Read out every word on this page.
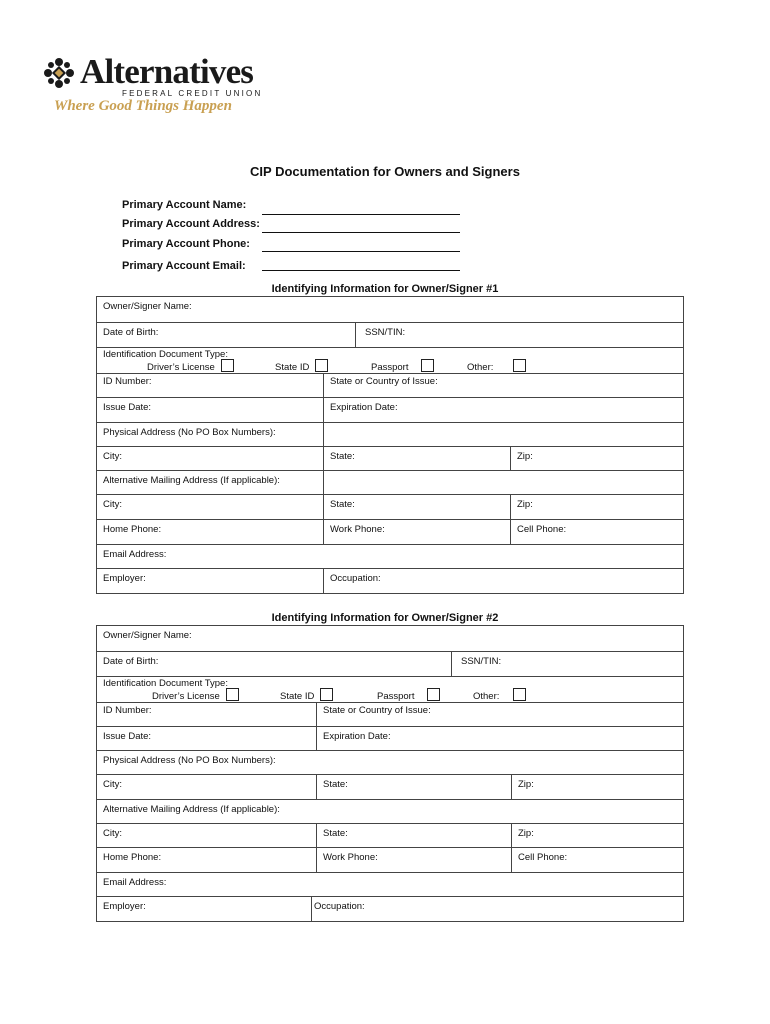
Alternatives
FEDERAL CREDIT UNION
Where Good Things Happen
CIP Documentation for Owners and Signers
Primary Account Name:
Primary Account Address:
Primary Account Phone:
Primary Account Email:
Identifying Information for Owner/Signer #1
Owner/Signer Name:
Date of Birth:	SSN/TIN:
Identification Document Type:
Driver’s License	State ID	Passport	Other:
ID Number:	State or Country of Issue:
Issue Date:	Expiration Date:
Physical Address (No PO Box Numbers):
City:	State:	Zip:
Alternative Mailing Address (If applicable):
City:	State:	Zip:
Home Phone:	Work Phone:	Cell Phone:
Email Address:
Employer:	Occupation:
Identifying Information for Owner/Signer #2
Owner/Signer Name:
Date of Birth:	SSN/TIN:
Identification Document Type:
Driver’s License	State ID	Passport	Other:
ID Number:	State or Country of Issue:
Issue Date:	Expiration Date:
Physical Address (No PO Box Numbers):
City:	State:	Zip:
Alternative Mailing Address (If applicable):
City:	State:	Zip:
Home Phone:	Work Phone:	Cell Phone:
Email Address:
Employer:	Occupation:
